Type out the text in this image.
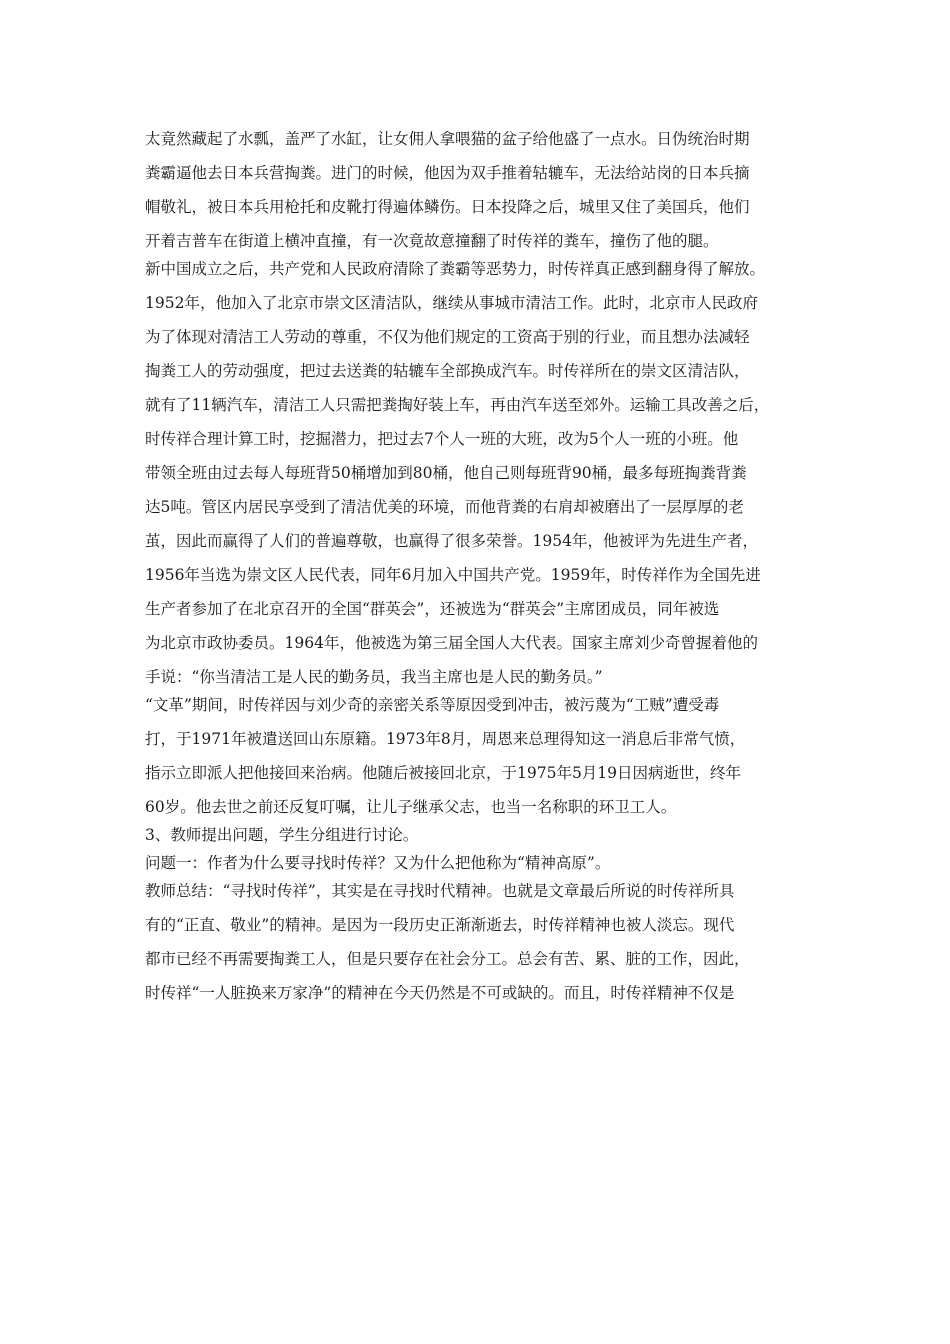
太竟然藏起了水瓢，盖严了水缸，让女佣人拿喂猫的盆子给他盛了一点水。日伪统治时期
粪霸逼他去日本兵营掏粪。进门的时候，他因为双手推着轱辘车，无法给站岗的日本兵摘
帽敬礼，被日本兵用枪托和皮靴打得遍体鳞伤。日本投降之后，城里又住了美国兵，他们
开着吉普车在街道上横冲直撞，有一次竟故意撞翻了时传祥的粪车，撞伤了他的腿。
新中国成立之后，共产党和人民政府清除了粪霸等恶势力，时传祥真正感到翻身得了解放。
1952年，他加入了北京市崇文区清洁队，继续从事城市清洁工作。此时，北京市人民政府
为了体现对清洁工人劳动的尊重，不仅为他们规定的工资高于别的行业，而且想办法减轻
掏粪工人的劳动强度，把过去送粪的轱辘车全部换成汽车。时传祥所在的崇文区清洁队，
就有了11辆汽车，清洁工人只需把粪掏好装上车，再由汽车送至郊外。运输工具改善之后，
时传祥合理计算工时，挖掘潜力，把过去7个人一班的大班，改为5个人一班的小班。他
带领全班由过去每人每班背50桶增加到80桶，他自己则每班背90桶，最多每班掏粪背粪
达5吨。管区内居民享受到了清洁优美的环境，而他背粪的右肩却被磨出了一层厚厚的老
茧，因此而赢得了人们的普遍尊敬，也赢得了很多荣誉。1954年，他被评为先进生产者，
1956年当选为崇文区人民代表，同年6月加入中国共产党。1959年，时传祥作为全国先进
生产者参加了在北京召开的全国“群英会”，还被选为“群英会”主席团成员，同年被选
为北京市政协委员。1964年，他被选为第三届全国人大代表。国家主席刘少奇曾握着他的
手说：“你当清洁工是人民的勤务员，我当主席也是人民的勤务员。”
“文革”期间，时传祥因与刘少奇的亲密关系等原因受到冲击，被污蔑为“工贼”遭受毒
打，于1971年被遣送回山东原籍。1973年8月，周恩来总理得知这一消息后非常气愤，
指示立即派人把他接回来治病。他随后被接回北京，于1975年5月19日因病逝世，终年
60岁。他去世之前还反复叮嘱，让儿子继承父志，也当一名称职的环卫工人。
3、教师提出问题，学生分组进行讨论。
问题一：作者为什么要寻找时传祥？又为什么把他称为“精神高原”。
教师总结：“寻找时传祥”，其实是在寻找时代精神。也就是文章最后所说的时传祥所具
有的“正直、敬业”的精神。是因为一段历史正渐渐逝去，时传祥精神也被人淡忘。现代
都市已经不再需要掏粪工人，但是只要存在社会分工。总会有苦、累、脏的工作，因此，
时传祥“一人脏换来万家净”的精神在今天仍然是不可或缺的。而且，时传祥精神不仅是
